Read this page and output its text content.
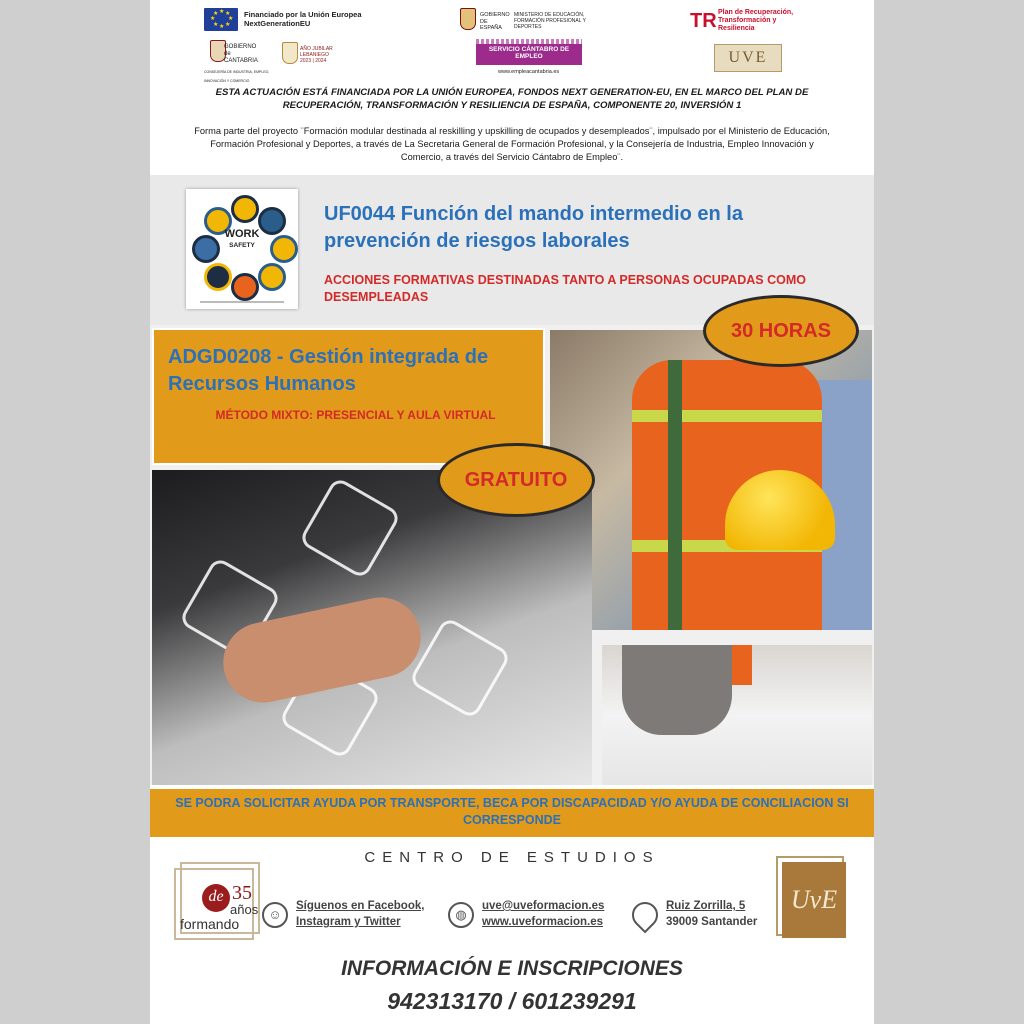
★ ★
★
★
★
★
★
★	Financiado por la Unión Europea
NextGenerationEU
GOBIERNO
de
CANTABRIA
CONSEJERÍA DE INDUSTRIA, EMPLEO, INNOVACIÓN Y COMERCIO
AÑO JUBILAR LEBANIEGO 2023 | 2024
GOBIERNO DE ESPAÑA
MINISTERIO DE EDUCACIÓN, FORMACIÓN PROFESIONAL Y DEPORTES
SERVICIO CÁNTABRO DE EMPLEO
www.empleacantabria.es
TR Plan de Recuperación, Transformación y Resiliencia
UVE
ESTA ACTUACIÓN ESTÁ FINANCIADA POR LA UNIÓN EUROPEA, FONDOS NEXT GENERATION-EU, EN EL MARCO DEL PLAN DE RECUPERACIÓN, TRANSFORMACIÓN Y RESILIENCIA DE ESPAÑA, COMPONENTE 20, INVERSIÓN 1
Forma parte del proyecto ¨Formación modular destinada al reskilling y upskilling de ocupados y desempleados¨, impulsado por el Ministerio de Educación, Formación Profesional y Deportes, a través de La Secretaria General de Formación Profesional, y la Consejería de Industria, Empleo Innovación y Comercio, a través del Servicio Cántabro de Empleo¨.
WORK
SAFETY
UF0044 Función del mando intermedio en la prevención de riesgos laborales
ACCIONES FORMATIVAS DESTINADAS TANTO A PERSONAS OCUPADAS COMO DESEMPLEADAS
ADGD0208 - Gestión integrada de Recursos Humanos
MÉTODO MIXTO: PRESENCIAL Y AULA VIRTUAL
30 HORAS
GRATUITO
SE PODRA SOLICITAR AYUDA POR TRANSPORTE, BECA POR DISCAPACIDAD Y/O AYUDA DE CONCILIACION SI CORRESPONDE
CENTRO DE ESTUDIOS
35
de
años
formando
☺
Síguenos en Facebook, Instagram y Twitter	◍
uve@uveformacion.es
www.uveformacion.es
Ruiz Zorrilla, 5
39009 Santander
UvE
INFORMACIÓN E INSCRIPCIONES
942313170 / 601239291
